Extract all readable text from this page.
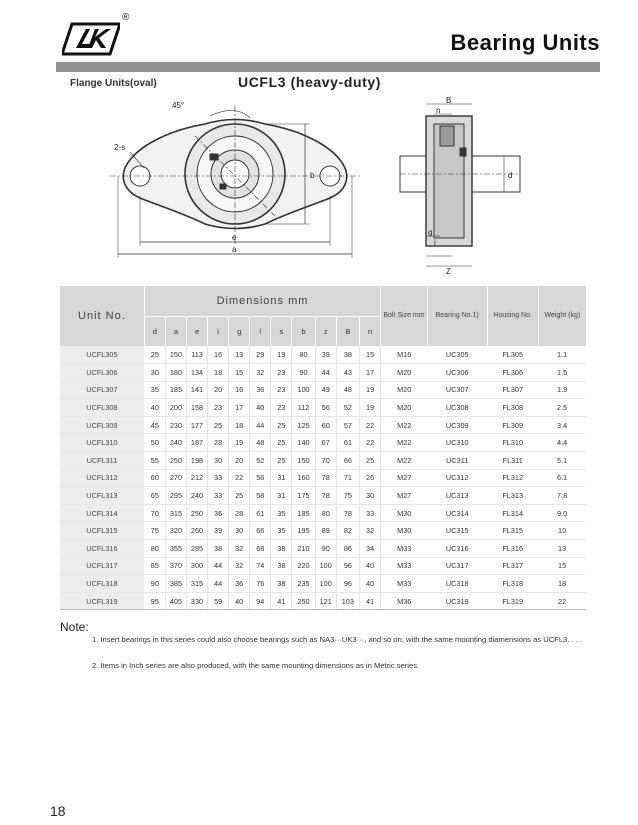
®
Bearing Units
Flange Units(oval)	UCFL3 (heavy-duty)
45°
2-s
b
e
a
B
n
g
i
d
Z
Unit No.	Dimensions mm											Bolt Size mm	Bearing No.1)	Housing No.	Weight (kg)
	d	a	e	i	g	l	s	b	z	B	n				
UCFL305	25	150	113	16	13	29	19	80	39	38	15	M16	UC305	FL305	1.1
UCFL306	30	180	134	18	15	32	23	90	44	43	17	M20	UC306	FL306	1.5
UCFL307	35	185	141	20	16	36	23	100	49	48	19	M20	UC307	FL307	1.9
UCFL308	40	200	158	23	17	40	23	112	56	52	19	M20	UC308	FL308	2.5
UCFL309	45	230	177	25	18	44	25	125	60	57	22	M22	UC309	FL309	3.4
UCFL310	50	240	187	28	19	48	25	140	67	61	22	M22	UC310	FL310	4.4
UCFL311	55	250	198	30	20	52	25	150	70	66	25	M22	UC311	FL311	5.1
UCFL312	60	270	212	33	22	56	31	160	78	71	26	M27	UC312	FL312	6.1
UCFL313	65	295	240	33	25	58	31	175	78	75	30	M27	UC313	FL313	7.8
UCFL314	70	315	250	36	28	61	35	185	80	78	33	M30	UC314	FL314	9.0
UCFL315	75	320	260	39	30	66	35	195	89	82	32	M30	UC315	FL315	10
UCFL316	80	355	285	38	32	68	38	210	90	86	34	M33	UC316	FL316	13
UCFL317	85	370	300	44	32	74	38	220	100	96	40	M33	UC317	FL317	15
UCFL318	90	385	315	44	36	76	38	235	100	96	40	M33	UC318	FL318	18
UCFL319	95	405	330	59	40	94	41	250	121	103	41	M36	UC319	FL319	22
Note:
1. Insert bearings in this series could also choose bearings such as NA3···UK3···, and so on, with the same mounting diamensions as UCFL3. . . .
2. Items in Inch series are also produced, with the same mounting dimensions as in Metric series.
18
